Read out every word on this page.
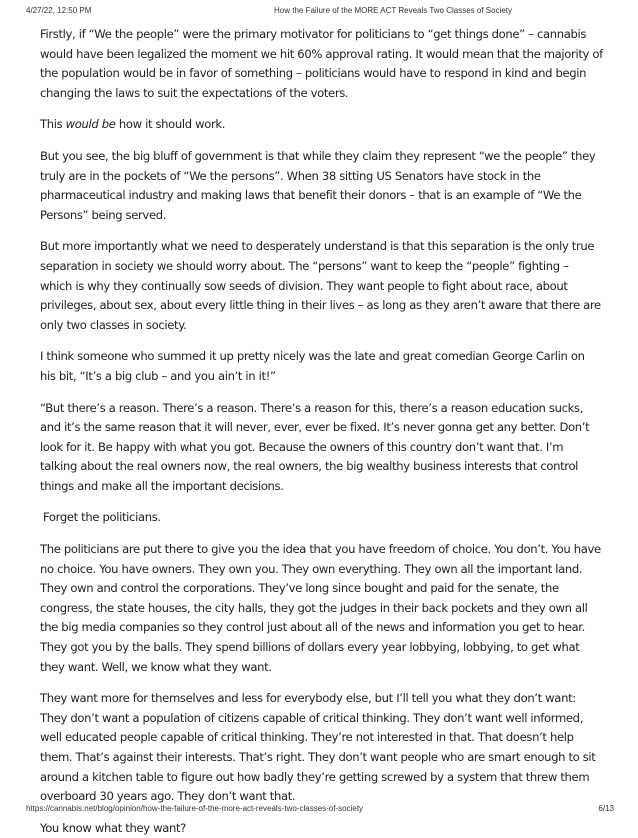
4/27/22, 12:50 PM	How the Failure of the MORE ACT Reveals Two Classes of Society

Firstly, if “We the people” were the primary motivator for politicians to “get things done” – cannabis would have been legalized the moment we hit 60% approval rating. It would mean that the majority of the population would be in favor of something – politicians would have to respond in kind and begin changing the laws to suit the expectations of the voters.

This would be how it should work.

But you see, the big bluff of government is that while they claim they represent “we the people” they truly are in the pockets of “We the persons”. When 38 sitting US Senators have stock in the pharmaceutical industry and making laws that benefit their donors – that is an example of “We the Persons” being served.

But more importantly what we need to desperately understand is that this separation is the only true separation in society we should worry about. The “persons” want to keep the “people” fighting – which is why they continually sow seeds of division. They want people to fight about race, about privileges, about sex, about every little thing in their lives – as long as they aren’t aware that there are only two classes in society.

I think someone who summed it up pretty nicely was the late and great comedian George Carlin on his bit, “It’s a big club – and you ain’t in it!”

“But there’s a reason. There’s a reason. There’s a reason for this, there’s a reason education sucks, and it’s the same reason that it will never, ever, ever be fixed. It’s never gonna get any better. Don’t look for it. Be happy with what you got. Because the owners of this country don’t want that. I’m talking about the real owners now, the real owners, the big wealthy business interests that control things and make all the important decisions.

Forget the politicians.

The politicians are put there to give you the idea that you have freedom of choice. You don’t. You have no choice. You have owners. They own you. They own everything. They own all the important land. They own and control the corporations. They’ve long since bought and paid for the senate, the congress, the state houses, the city halls, they got the judges in their back pockets and they own all the big media companies so they control just about all of the news and information you get to hear. They got you by the balls. They spend billions of dollars every year lobbying, lobbying, to get what they want. Well, we know what they want.

They want more for themselves and less for everybody else, but I’ll tell you what they don’t want: They don’t want a population of citizens capable of critical thinking. They don’t want well informed, well educated people capable of critical thinking. They’re not interested in that. That doesn’t help them. That’s against their interests. That’s right. They don’t want people who are smart enough to sit around a kitchen table to figure out how badly they’re getting screwed by a system that threw them overboard 30 years ago. They don’t want that.

You know what they want?

https://cannabis.net/blog/opinion/how-the-failure-of-the-more-act-reveals-two-classes-of-society	6/13
